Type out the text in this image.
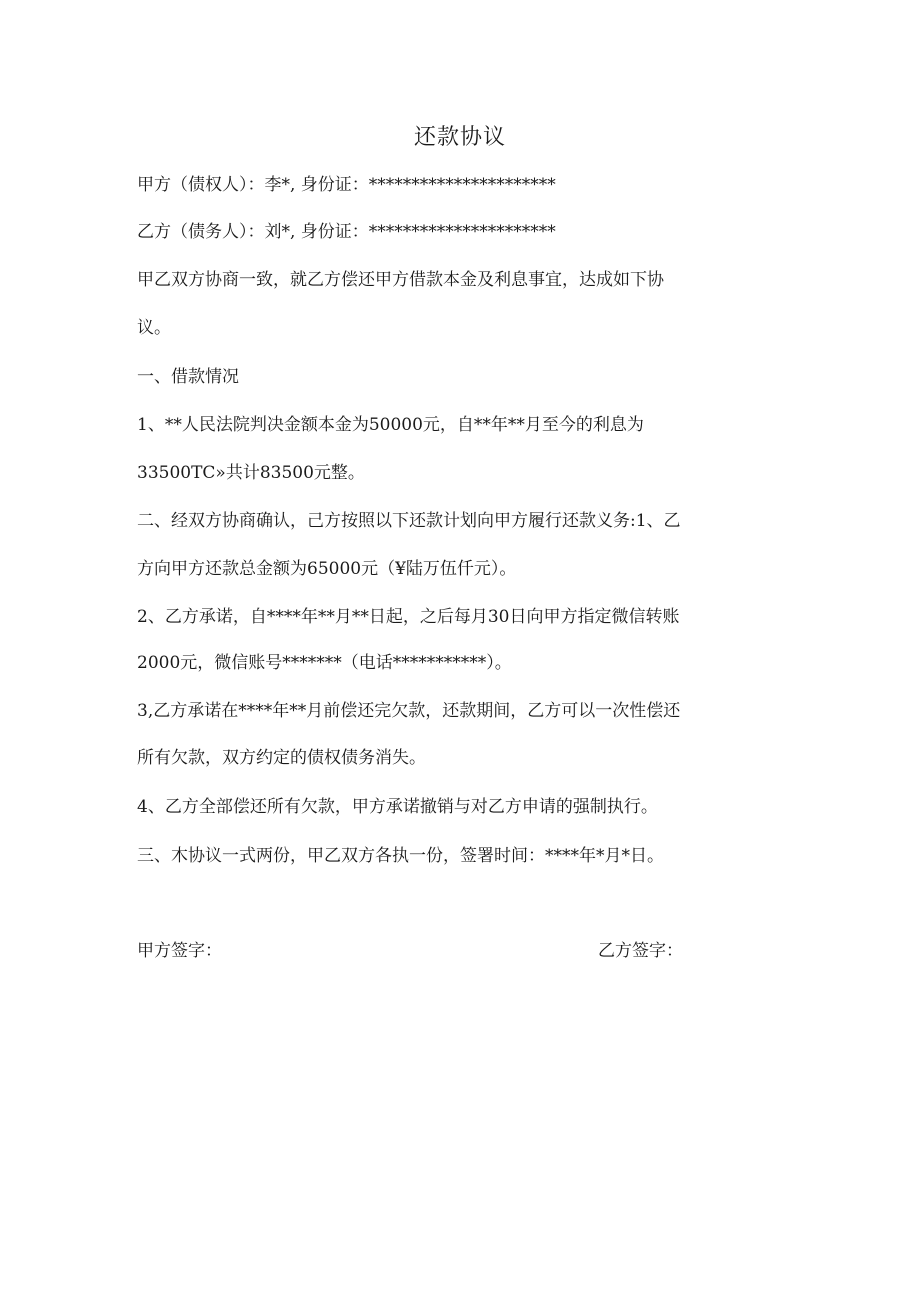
还款协议
甲方（债权人）：李*, 身份证：**********************
乙方（债务人）：刘*, 身份证：**********************
甲乙双方协商一致，就乙方偿还甲方借款本金及利息事宜，达成如下协
议。
一、借款情况
1、**人民法院判决金额本金为50000元，自**年**月至今的利息为
33500TC»共计83500元整。
二、经双方协商确认，己方按照以下还款计划向甲方履行还款义务:1、乙
方向甲方还款总金额为65000元（¥陆万伍仟元）。
2、乙方承诺，自****年**月**日起，之后每月30日向甲方指定微信转账
2000元，微信账号*******（电话***********）。
3,乙方承诺在****年**月前偿还完欠款，还款期间，乙方可以一次性偿还
所有欠款，双方约定的债权债务消失。
4、乙方全部偿还所有欠款，甲方承诺撤销与对乙方申请的强制执行。
三、木协议一式两份，甲乙双方各执一份，签署时间：****年*月*日。
甲方签字：	乙方签字：
